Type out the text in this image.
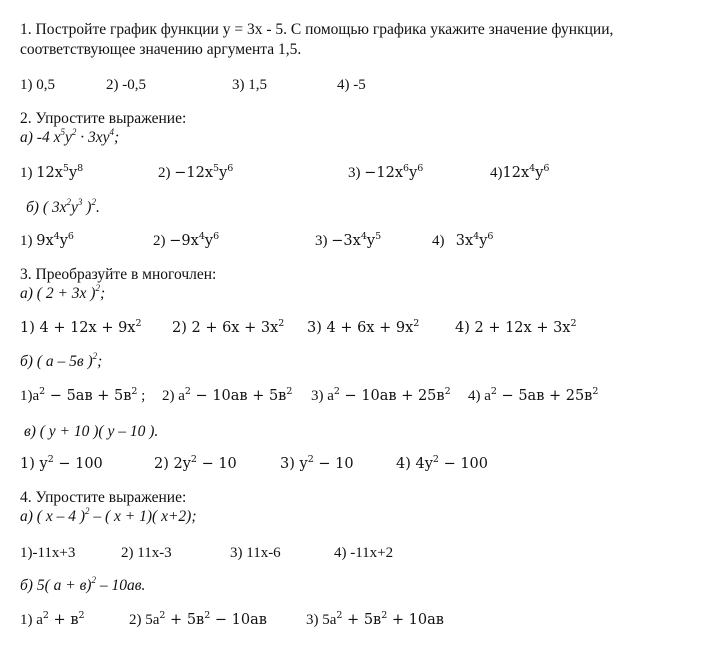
1. Постройте график функции y = 3x - 5. С помощью графика укажите значение функции,
соответствующее значению аргумента 1,5.
1) 0,5	2) -0,5	3) 1,5	4) -5
2. Упростите выражение:
а) -4 $x^5y^2 \cdot 3xy^4$;
1) $12x^5y^8$	$2) -12x^5y^6$	$3) -12x^6y^6$	$4)12x^4y^6$
б) ( $3x^2y^3$ )$^2$.
1) $9x^4y^6$	$2) -9x^4y^6$	$3) -3x^4y^5$	4) $3x^4y^6$
3. Преобразуйте в многочлен:
а) ( 2 + 3x )$^2$;
1) $4 + 12x + 9x^2$ 2) $2 + 6x + 3x^2$ 3) $4 + 6x + 9x^2$ 4) $2 + 12x + 3x^2$
б) ( a – 5в )$^2$;
$1)a^2 - 5aв + 5в^2$ ; 2) $a^2 - 10aв + 5в^2$ 3) $a^2 - 10aв + 25в^2$ 4) $a^2 - 5aв + 25в^2$
в) ( y + 10 )( y – 10 ).
1) $y^2 - 100$	2) $2y^2 - 10$	3) $y^2 - 10$	4) $4y^2 - 100$
4. Упростите выражение:
а) ( x – 4 )$^2$ – ( x + 1)( x+2);
1)-11x+3	2) 11x-3	3) 11x-6	4) -11x+2
б) 5( a + в)$^2$ – 10aв.
1) $a^2 + в^2$	2) $5a^2 + 5в^2 - 10aв$	3) $5a^2 + 5в^2 + 10aв$
